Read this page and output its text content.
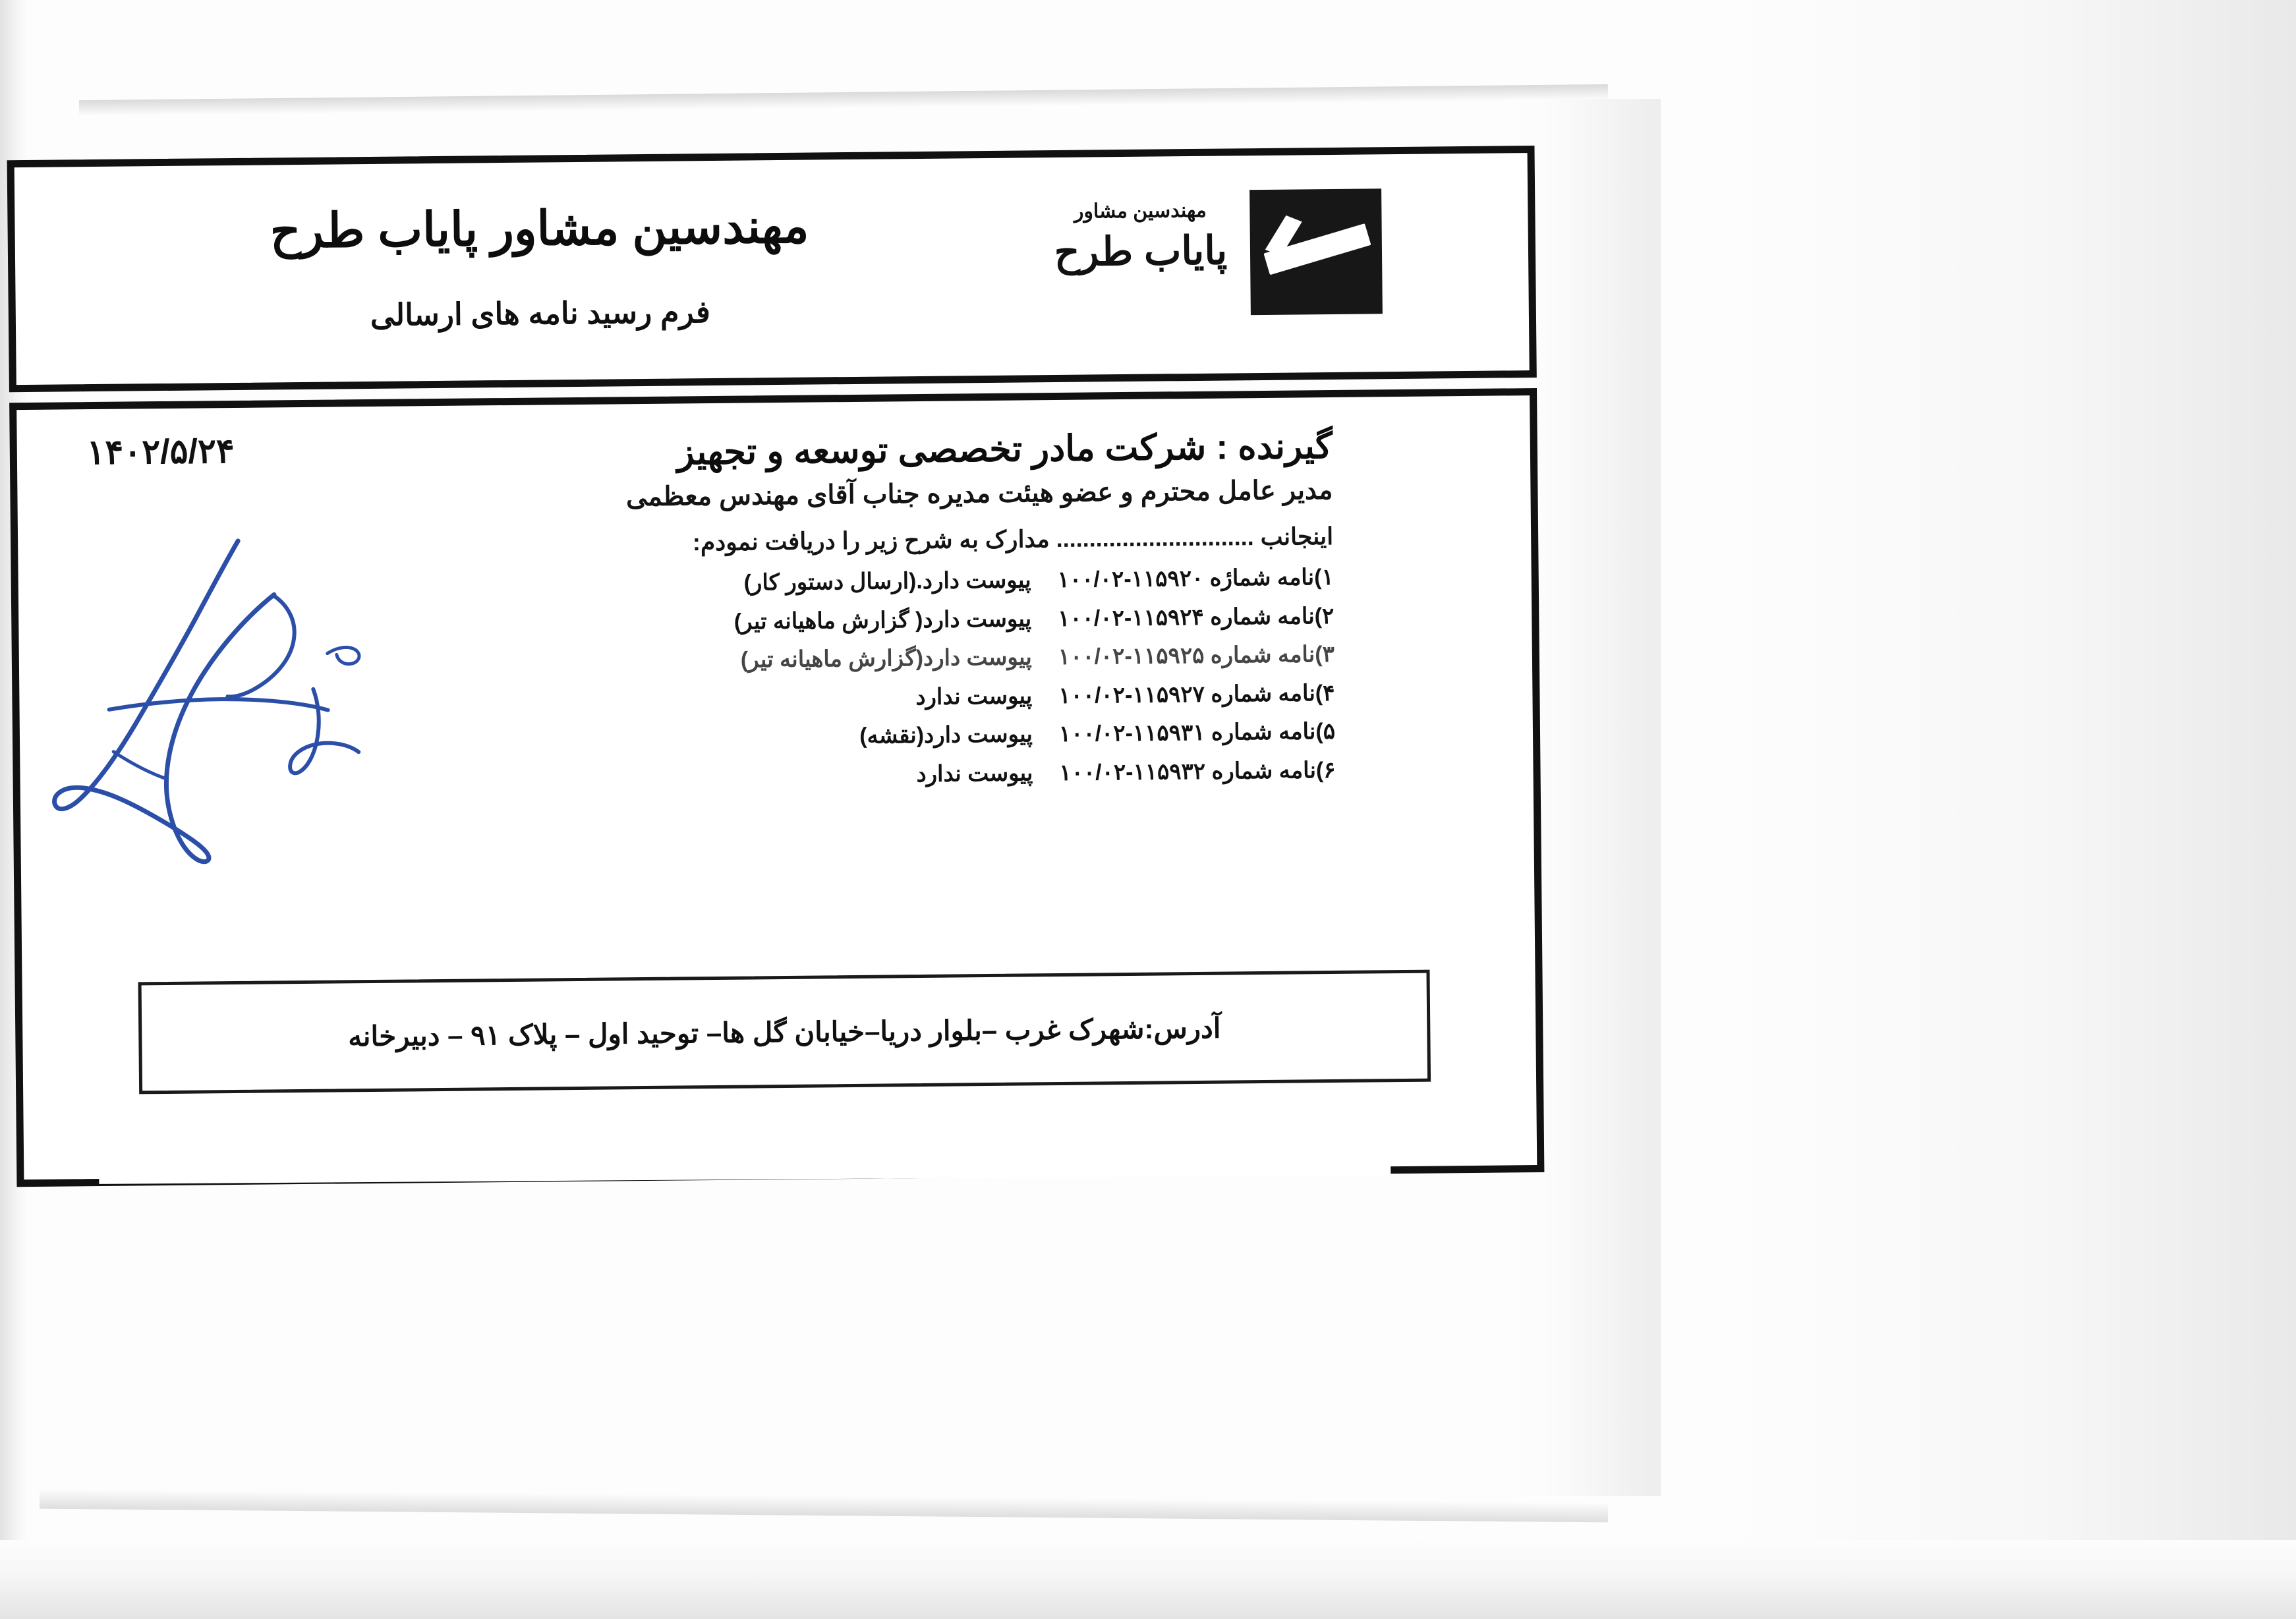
مهندسین مشاور
پایاب طرح
مهندسین مشاور پایاب طرح
فرم رسید نامه های ارسالی
۱۴۰۲/۵/۲۴	گیرنده : شرکت مادر تخصصی توسعه و تجهیز
مدیر عامل محترم و عضو هیئت مدیره جناب آقای مهندس معظمی
اینجانب .............................. مدارک به شرح زیر را دریافت نمودم:
۱)نامه شمارٔه ۱۱۵۹۲۰-۱۰۰/۰۲پیوست دارد.(ارسال دستور کار)
۲)نامه شماره ۱۱۵۹۲۴-۱۰۰/۰۲پیوست دارد( گزارش ماهیانه تیر)
۳)نامه شماره ۱۱۵۹۲۵-۱۰۰/۰۲پیوست دارد(گزارش ماهیانه تیر)
۴)نامه شماره ۱۱۵۹۲۷-۱۰۰/۰۲پیوست ندارد
۵)نامه شماره ۱۱۵۹۳۱-۱۰۰/۰۲پیوست دارد(نقشه)
۶)نامه شماره ۱۱۵۹۳۲-۱۰۰/۰۲پیوست ندارد
آدرس:شهرک غرب –بلوار دریا–خیابان گل ها– توحید اول – پلاک ۹۱ – دبیرخانه
